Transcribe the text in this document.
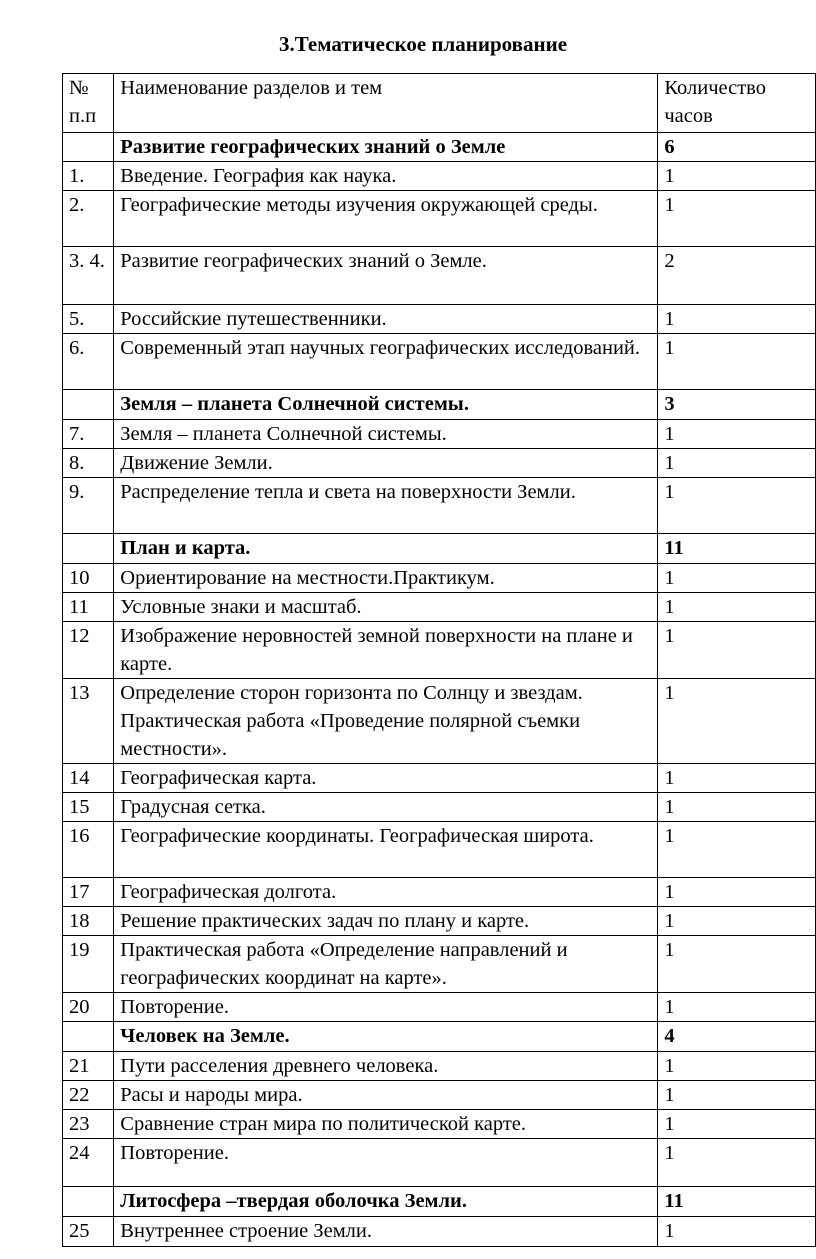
3.Тематическое планирование
№ п.п	Наименование разделов и тем	Количество часов
	Развитие географических знаний о Земле	6
1.	Введение. География как наука.	1
2.	Географические методы изучения окружающей среды.	1
3. 4.	Развитие географических знаний о Земле.	2
5.	Российские путешественники.	1
6.	Современный этап научных географических исследований.	1
	Земля – планета Солнечной системы.	3
7.	Земля – планета Солнечной системы.	1
8.	Движение Земли.	1
9.	Распределение тепла и света на поверхности Земли.	1
	План и карта.	11
10	Ориентирование на местности.Практикум.	1
11	Условные знаки и масштаб.	1
12	Изображение неровностей земной поверхности на плане и карте.	1
13	Определение сторон горизонта по Солнцу и звездам. Практическая работа «Проведение полярной съемки местности».	1
14	Географическая карта.	1
15	Градусная сетка.	1
16	Географические координаты. Географическая широта.	1
17	Географическая долгота.	1
18	Решение практических задач по плану и карте.	1
19	Практическая работа «Определение направлений и географических координат на карте».	1
20	Повторение.	1
	Человек на Земле.	4
21	Пути расселения древнего человека.	1
22	Расы и народы мира.	1
23	Сравнение стран мира по политической карте.	1
24	Повторение.	1
	Литосфера –твердая оболочка Земли.	11
25	Внутреннее строение Земли.	1
